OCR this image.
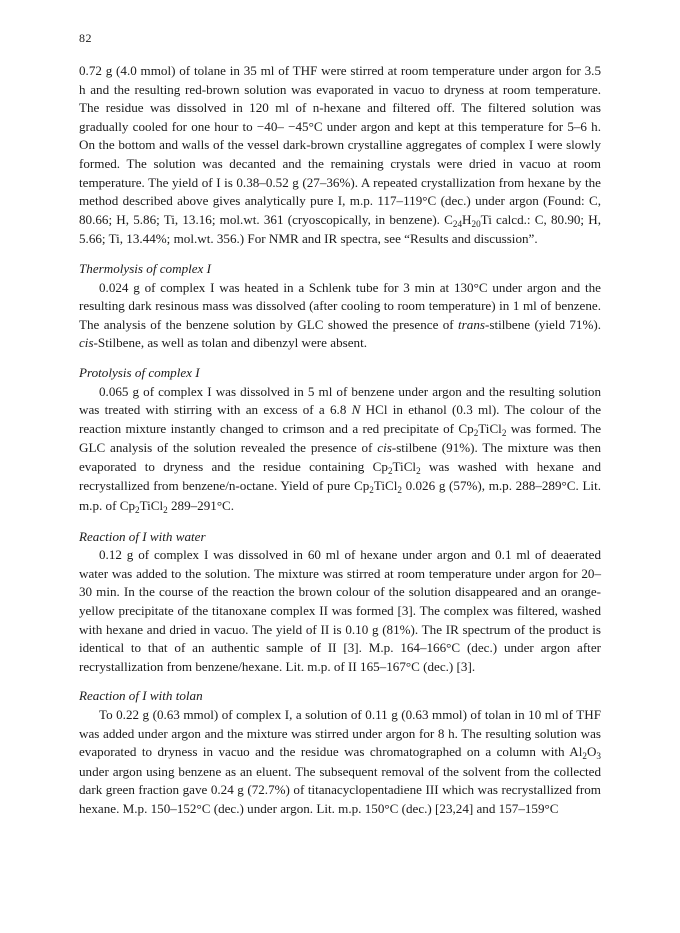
82

0.72 g (4.0 mmol) of tolane in 35 ml of THF were stirred at room temperature under argon for 3.5 h and the resulting red-brown solution was evaporated in vacuo to dryness at room temperature. The residue was dissolved in 120 ml of n-hexane and filtered off. The filtered solution was gradually cooled for one hour to −40– −45°C under argon and kept at this temperature for 5–6 h. On the bottom and walls of the vessel dark-brown crystalline aggregates of complex I were slowly formed. The solution was decanted and the remaining crystals were dried in vacuo at room temperature. The yield of I is 0.38–0.52 g (27–36%). A repeated crystallization from hexane by the method described above gives analytically pure I, m.p. 117–119°C (dec.) under argon (Found: C, 80.66; H, 5.86; Ti, 13.16; mol.wt. 361 (cryoscopically, in benzene). $C_{24}H_{20}Ti$ calcd.: C, 80.90; H, 5.66; Ti, 13.44%; mol.wt. 356.) For NMR and IR spectra, see “Results and discussion”.

Thermolysis of complex I

0.024 g of complex I was heated in a Schlenk tube for 3 min at 130°C under argon and the resulting dark resinous mass was dissolved (after cooling to room temperature) in 1 ml of benzene. The analysis of the benzene solution by GLC showed the presence of trans-stilbene (yield 71%). cis-Stilbene, as well as tolan and dibenzyl were absent.

Protolysis of complex I

0.065 g of complex I was dissolved in 5 ml of benzene under argon and the resulting solution was treated with stirring with an excess of a 6.8 N HCl in ethanol (0.3 ml). The colour of the reaction mixture instantly changed to crimson and a red precipitate of $Cp_2TiCl_2$ was formed. The GLC analysis of the solution revealed the presence of cis-stilbene (91%). The mixture was then evaporated to dryness and the residue containing $Cp_2TiCl_2$ was washed with hexane and recrystallized from benzene/n-octane. Yield of pure $Cp_2TiCl_2$ 0.026 g (57%), m.p. 288–289°C. Lit. m.p. of $Cp_2TiCl_2$ 289–291°C.

Reaction of I with water

0.12 g of complex I was dissolved in 60 ml of hexane under argon and 0.1 ml of deaerated water was added to the solution. The mixture was stirred at room temperature under argon for 20–30 min. In the course of the reaction the brown colour of the solution disappeared and an orange-yellow precipitate of the titanoxane complex II was formed [3]. The complex was filtered, washed with hexane and dried in vacuo. The yield of II is 0.10 g (81%). The IR spectrum of the product is identical to that of an authentic sample of II [3]. M.p. 164–166°C (dec.) under argon after recrystallization from benzene/hexane. Lit. m.p. of II 165–167°C (dec.) [3].

Reaction of I with tolan

To 0.22 g (0.63 mmol) of complex I, a solution of 0.11 g (0.63 mmol) of tolan in 10 ml of THF was added under argon and the mixture was stirred under argon for 8 h. The resulting solution was evaporated to dryness in vacuo and the residue was chromatographed on a column with $Al_2O_3$ under argon using benzene as an eluent. The subsequent removal of the solvent from the collected dark green fraction gave 0.24 g (72.7%) of titanacyclopentadiene III which was recrystallized from hexane. M.p. 150–152°C (dec.) under argon. Lit. m.p. 150°C (dec.) [23,24] and 157–159°C
